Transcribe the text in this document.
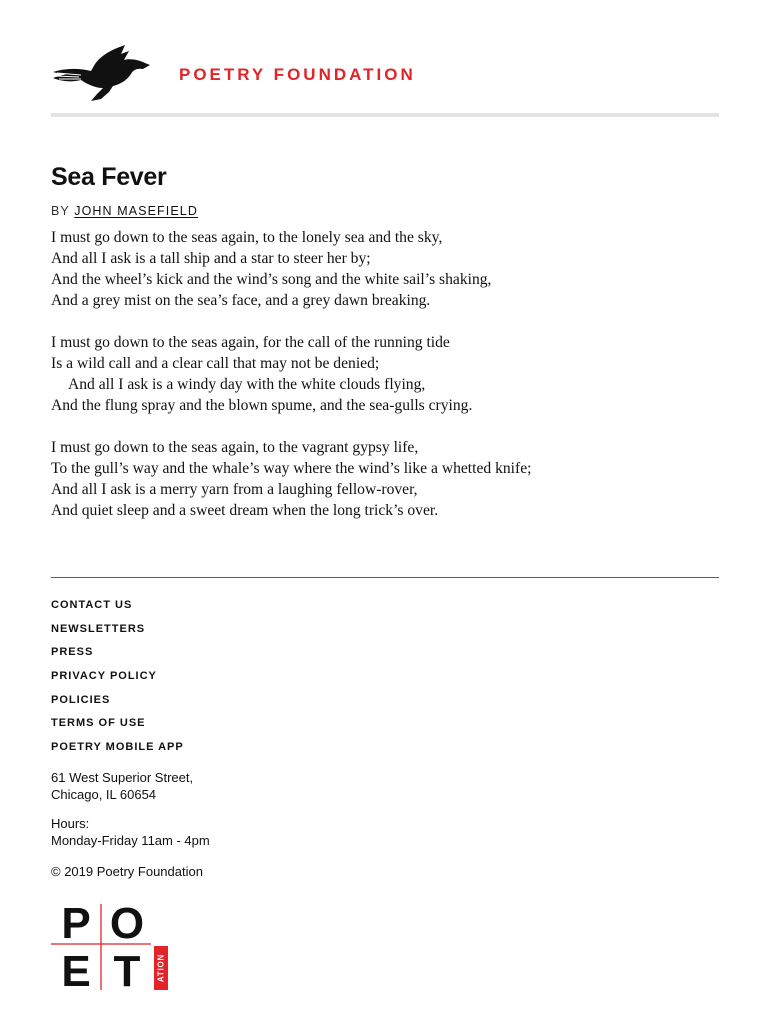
POETRY FOUNDATION
Sea Fever
BY JOHN MASEFIELD
I must go down to the seas again, to the lonely sea and the sky,
And all I ask is a tall ship and a star to steer her by;
And the wheel’s kick and the wind’s song and the white sail’s shaking,
And a grey mist on the sea’s face, and a grey dawn breaking.
I must go down to the seas again, for the call of the running tide
Is a wild call and a clear call that may not be denied;
And all I ask is a windy day with the white clouds flying,
And the flung spray and the blown spume, and the sea-gulls crying.
I must go down to the seas again, to the vagrant gypsy life,
To the gull’s way and the whale’s way where the wind’s like a whetted knife;
And all I ask is a merry yarn from a laughing fellow-rover,
And quiet sleep and a sweet dream when the long trick’s over.
CONTACT US
NEWSLETTERS
PRESS
PRIVACY POLICY
POLICIES
TERMS OF USE
POETRY MOBILE APP
61 West Superior Street,
Chicago, IL 60654
Hours:
Monday-Friday 11am - 4pm
© 2019 Poetry Foundation
P O
E T ATION
